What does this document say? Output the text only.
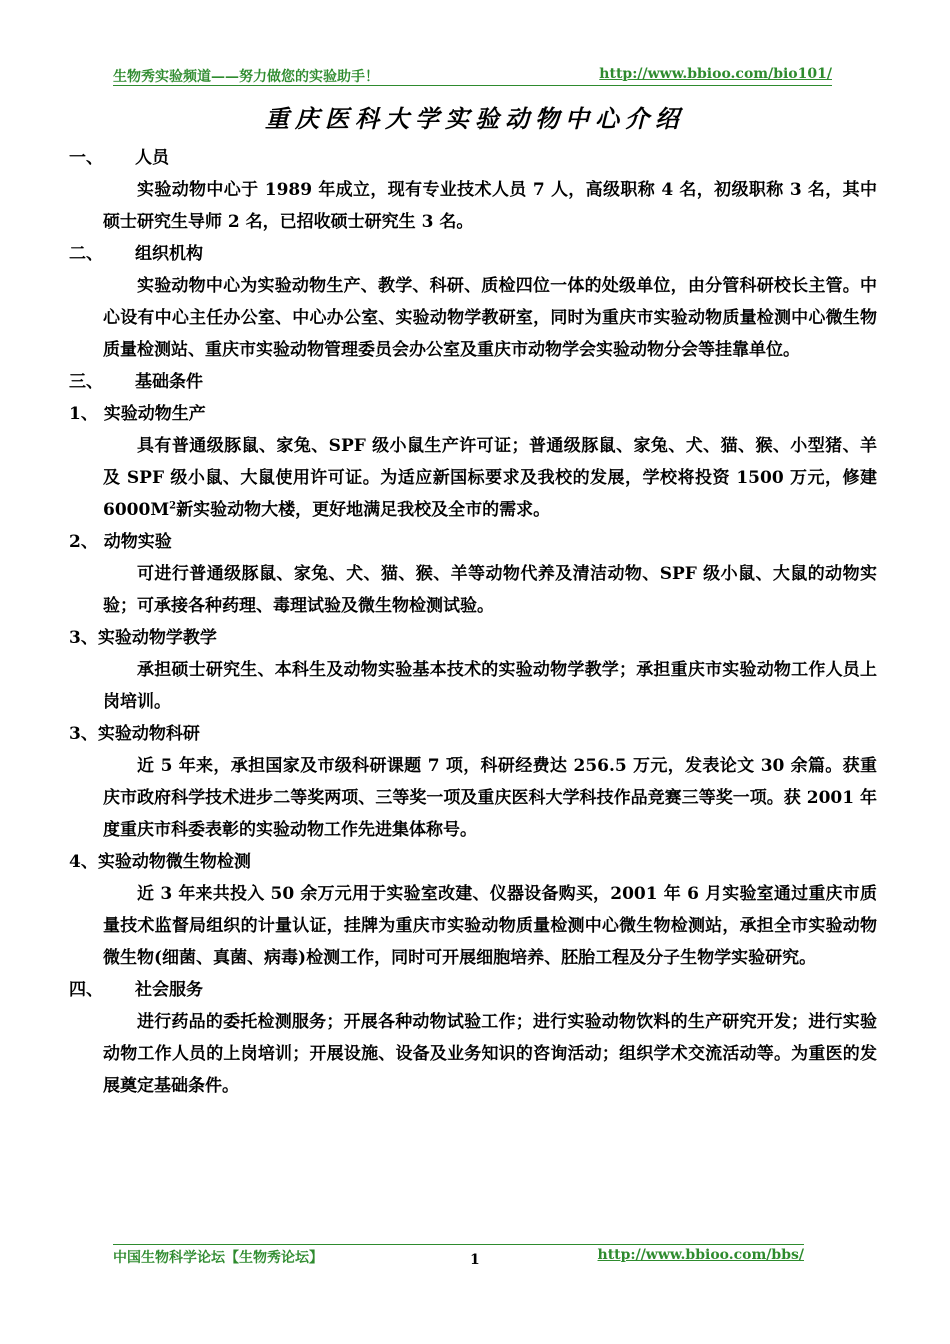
生物秀实验频道——努力做您的实验助手！	http://www.bbioo.com/bio101/
重庆医科大学实验动物中心介绍
一、 人员
实验动物中心于 1989 年成立，现有专业技术人员 7 人，高级职称 4 名，初级职称 3 名，其中硕士研究生导师 2 名，已招收硕士研究生 3 名。
二、 组织机构
实验动物中心为实验动物生产、教学、科研、质检四位一体的处级单位，由分管科研校长主管。中心设有中心主任办公室、中心办公室、实验动物学教研室，同时为重庆市实验动物质量检测中心微生物质量检测站、重庆市实验动物管理委员会办公室及重庆市动物学会实验动物分会等挂靠单位。
三、 基础条件
1、 实验动物生产
具有普通级豚鼠、家兔、SPF 级小鼠生产许可证；普通级豚鼠、家兔、犬、猫、猴、小型猪、羊及 SPF 级小鼠、大鼠使用许可证。为适应新国标要求及我校的发展，学校将投资 1500 万元，修建 $6000M^2$新实验动物大楼，更好地满足我校及全市的需求。
2、 动物实验
可进行普通级豚鼠、家兔、犬、猫、猴、羊等动物代养及清洁动物、SPF 级小鼠、大鼠的动物实验；可承接各种药理、毒理试验及微生物检测试验。
3、实验动物学教学
承担硕士研究生、本科生及动物实验基本技术的实验动物学教学；承担重庆市实验动物工作人员上岗培训。
3、实验动物科研
近 5 年来，承担国家及市级科研课题 7 项，科研经费达 256.5 万元，发表论文 30 余篇。获重庆市政府科学技术进步二等奖两项、三等奖一项及重庆医科大学科技作品竞赛三等奖一项。获 2001 年度重庆市科委表彰的实验动物工作先进集体称号。
4、实验动物微生物检测
近 3 年来共投入 50 余万元用于实验室改建、仪器设备购买，2001 年 6 月实验室通过重庆市质量技术监督局组织的计量认证，挂牌为重庆市实验动物质量检测中心微生物检测站，承担全市实验动物微生物(细菌、真菌、病毒)检测工作，同时可开展细胞培养、胚胎工程及分子生物学实验研究。
四、 社会服务
进行药品的委托检测服务；开展各种动物试验工作；进行实验动物饮料的生产研究开发；进行实验动物工作人员的上岗培训；开展设施、设备及业务知识的咨询活动；组织学术交流活动等。为重医的发展奠定基础条件。
中国生物科学论坛【生物秀论坛】	http://www.bbioo.com/bbs/
1
